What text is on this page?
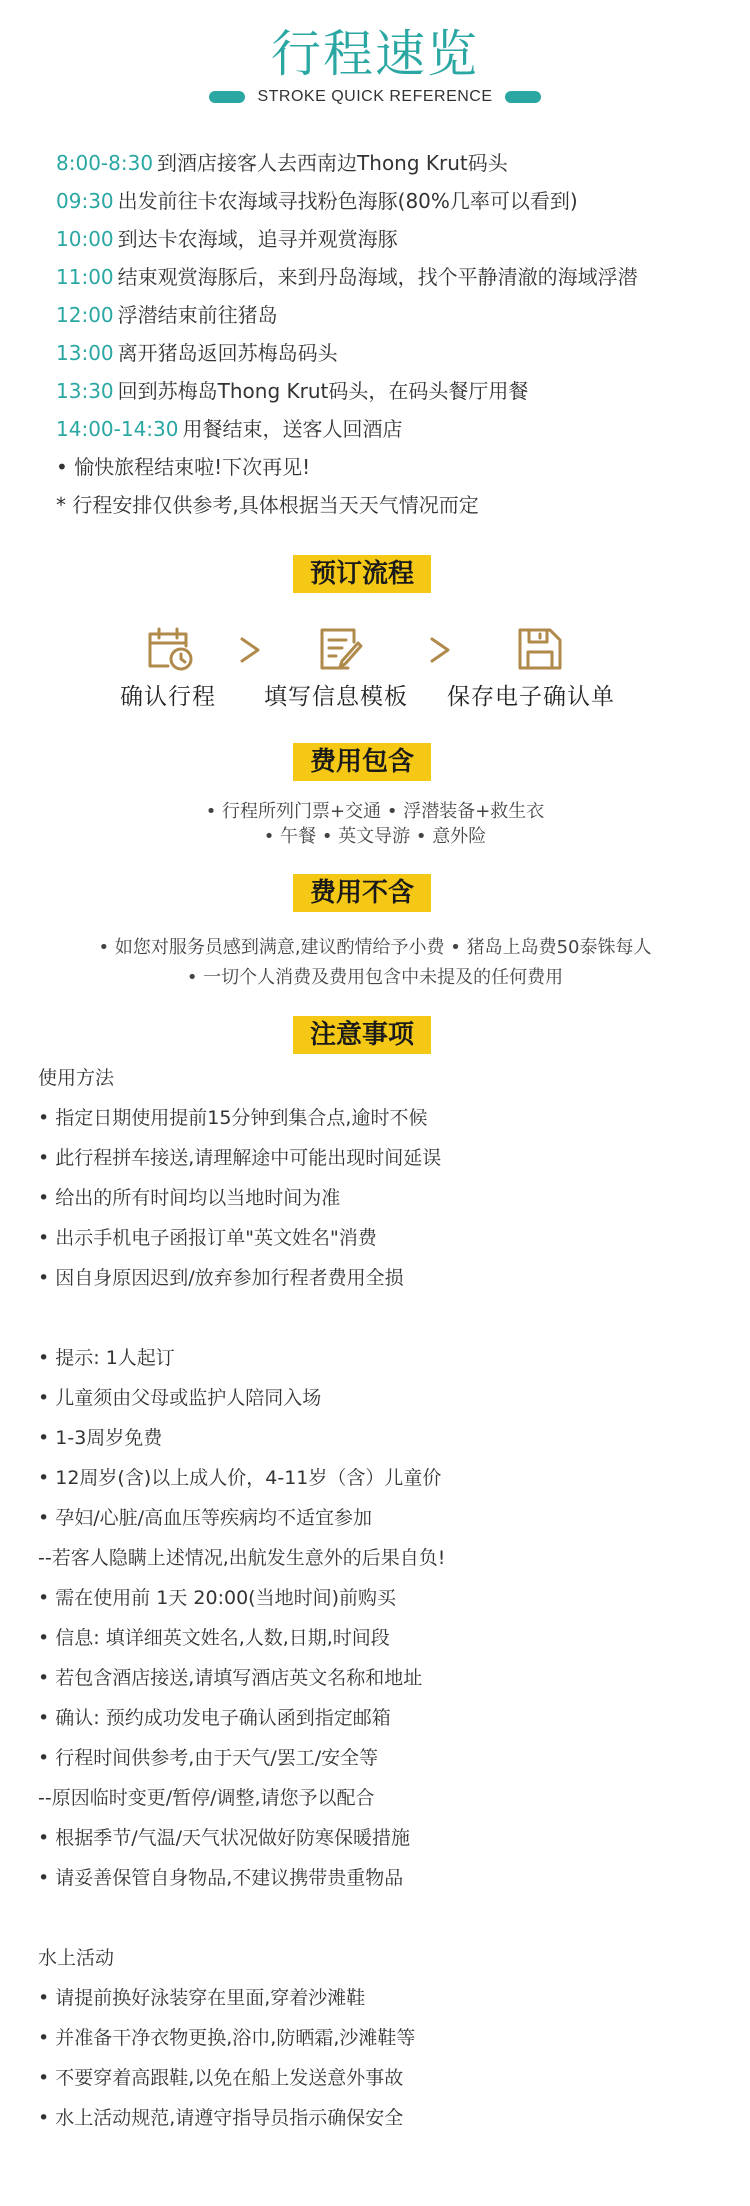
行程速览
STROKE QUICK REFERENCE
8:00-8:30 到酒店接客人去西南边Thong Krut码头
09:30 出发前往卡农海域寻找粉色海豚(80%几率可以看到)
10:00 到达卡农海域，追寻并观赏海豚
11:00 结束观赏海豚后，来到丹岛海域，找个平静清澈的海域浮潜
12:00 浮潜结束前往猪岛
13:00 离开猪岛返回苏梅岛码头
13:30 回到苏梅岛Thong Krut码头，在码头餐厅用餐
14:00-14:30 用餐结束，送客人回酒店
• 愉快旅程结束啦!下次再见!
* 行程安排仅供参考,具体根据当天天气情况而定
预订流程
确认行程 填写信息模板 保存电子确认单
费用包含
• 行程所列门票+交通 • 浮潜装备+救生衣
• 午餐 • 英文导游 • 意外险
费用不含
• 如您对服务员感到满意,建议酌情给予小费 • 猪岛上岛费50泰铢每人
• 一切个人消费及费用包含中未提及的任何费用
注意事项
使用方法
• 指定日期使用提前15分钟到集合点,逾时不候
• 此行程拼车接送,请理解途中可能出现时间延误
• 给出的所有时间均以当地时间为准
• 出示手机电子函报订单"英文姓名"消费
• 因自身原因迟到/放弃参加行程者费用全损
• 提示: 1人起订
• 儿童须由父母或监护人陪同入场
• 1-3周岁免费
• 12周岁(含)以上成人价，4-11岁（含）儿童价
• 孕妇/心脏/高血压等疾病均不适宜参加
--若客人隐瞒上述情况,出航发生意外的后果自负!
• 需在使用前 1天 20:00(当地时间)前购买
• 信息: 填详细英文姓名,人数,日期,时间段
• 若包含酒店接送,请填写酒店英文名称和地址
• 确认: 预约成功发电子确认函到指定邮箱
• 行程时间供参考,由于天气/罢工/安全等
--原因临时变更/暂停/调整,请您予以配合
• 根据季节/气温/天气状况做好防寒保暖措施
• 请妥善保管自身物品,不建议携带贵重物品
水上活动
• 请提前换好泳装穿在里面,穿着沙滩鞋
• 并准备干净衣物更换,浴巾,防晒霜,沙滩鞋等
• 不要穿着高跟鞋,以免在船上发送意外事故
• 水上活动规范,请遵守指导员指示确保安全
